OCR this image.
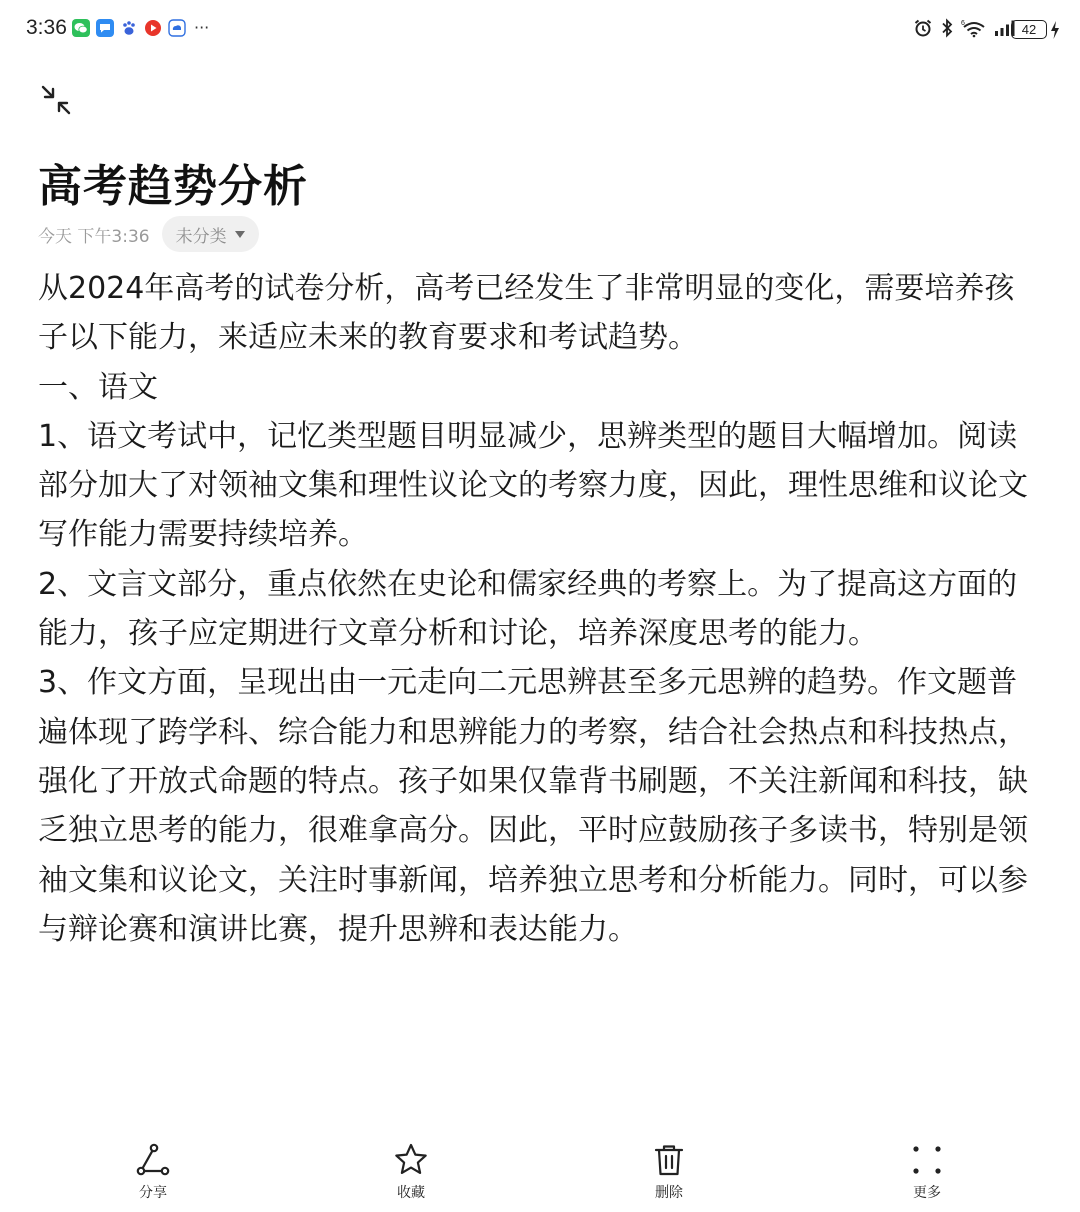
3:36	···	6	42
高考趋势分析
今天 下午3:36 未分类

从2024年高考的试卷分析，高考已经发生了非常明显的变化，需要培养孩子以下能力，来适应未来的教育要求和考试趋势。

一、语文

1、语文考试中，记忆类型题目明显减少，思辨类型的题目大幅增加。阅读部分加大了对领袖文集和理性议论文的考察力度，因此，理性思维和议论文写作能力需要持续培养。

2、文言文部分，重点依然在史论和儒家经典的考察上。为了提高这方面的能力，孩子应定期进行文章分析和讨论，培养深度思考的能力。

3、作文方面，呈现出由一元走向二元思辨甚至多元思辨的趋势。作文题普遍体现了跨学科、综合能力和思辨能力的考察，结合社会热点和科技热点，强化了开放式命题的特点。孩子如果仅靠背书刷题，不关注新闻和科技，缺乏独立思考的能力，很难拿高分。因此，平时应鼓励孩子多读书，特别是领袖文集和议论文，关注时事新闻，培养独立思考和分析能力。同时，可以参与辩论赛和演讲比赛，提升思辨和表达能力。

分享	收藏	删除	更多
